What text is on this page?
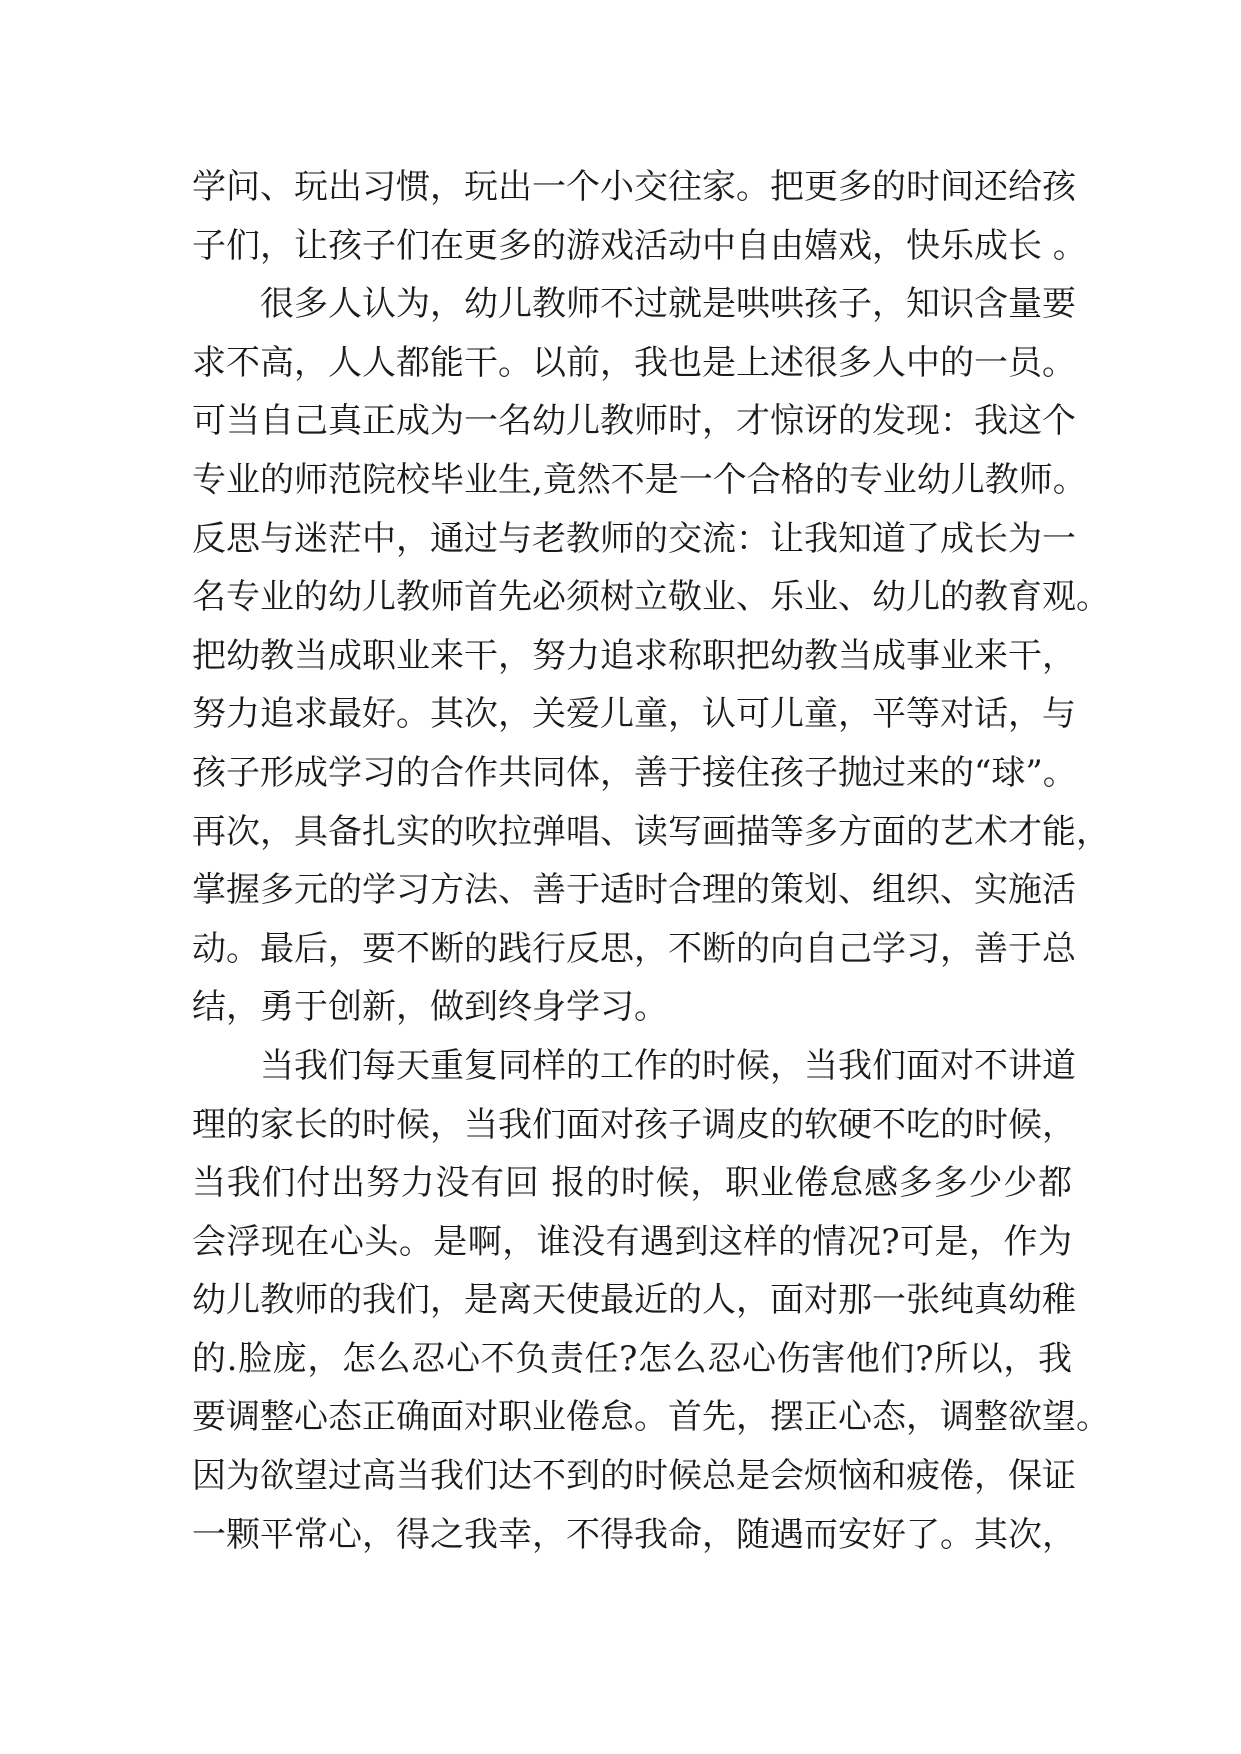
学问、玩出习惯，玩出一个小交往家。把更多的时间还给孩
子们，让孩子们在更多的游戏活动中自由嬉戏，快乐成长 。
　　很多人认为，幼儿教师不过就是哄哄孩子，知识含量要
求不高，人人都能干。以前，我也是上述很多人中的一员。
可当自己真正成为一名幼儿教师时，才惊讶的发现：我这个
专业的师范院校毕业生,竟然不是一个合格的专业幼儿教师。
反思与迷茫中，通过与老教师的交流：让我知道了成长为一
名专业的幼儿教师首先必须树立敬业、乐业、幼儿的教育观。
把幼教当成职业来干，努力追求称职把幼教当成事业来干，
努力追求最好。其次，关爱儿童，认可儿童，平等对话，与
孩子形成学习的合作共同体，善于接住孩子抛过来的“球”。
再次，具备扎实的吹拉弹唱、读写画描等多方面的艺术才能，
掌握多元的学习方法、善于适时合理的策划、组织、实施活
动。最后，要不断的践行反思，不断的向自己学习，善于总
结，勇于创新，做到终身学习。
　　当我们每天重复同样的工作的时候，当我们面对不讲道
理的家长的时候，当我们面对孩子调皮的软硬不吃的时候，
当我们付出努力没有回 报的时候，职业倦怠感多多少少都
会浮现在心头。是啊，谁没有遇到这样的情况?可是，作为
幼儿教师的我们，是离天使最近的人，面对那一张纯真幼稚
的.脸庞，怎么忍心不负责任?怎么忍心伤害他们?所以，我
要调整心态正确面对职业倦怠。首先，摆正心态，调整欲望。
因为欲望过高当我们达不到的时候总是会烦恼和疲倦，保证
一颗平常心，得之我幸，不得我命，随遇而安好了。其次，
